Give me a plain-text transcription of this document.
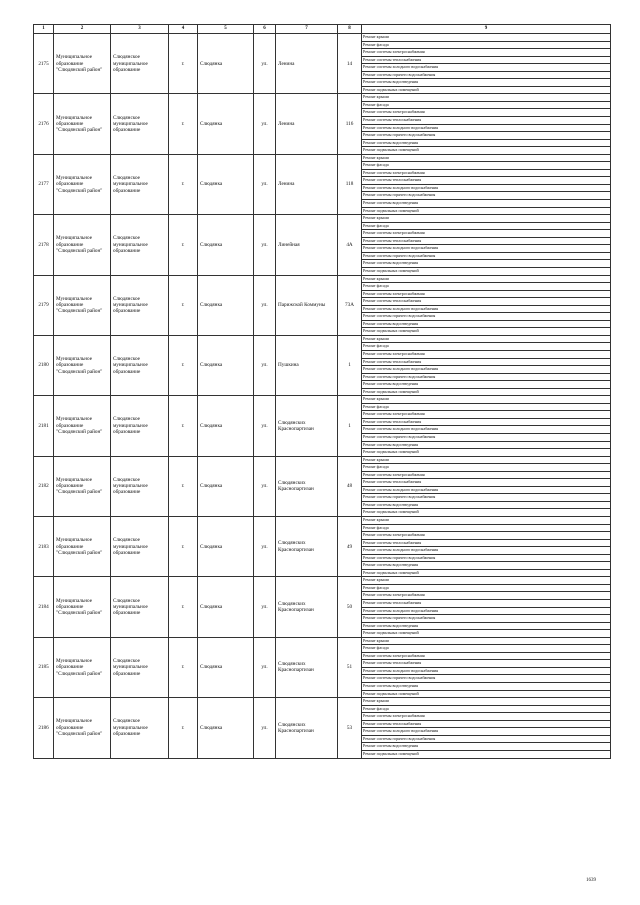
1	2	3	4	5	6	7	8	9
2175	Муниципальное образование "Слюдянский район"	Слюдянское муниципальное образование	г.	Слюдянка	ул.	Ленина	14	Ремонт крыши
								Ремонт фасада
								Ремонт системы электроснабжения
								Ремонт системы теплоснабжения
								Ремонт системы холодного водоснабжения
								Ремонт системы горячего водоснабжения
								Ремонт системы водоотведения
								Ремонт подвальных помещений
2176	Муниципальное образование "Слюдянский район"	Слюдянское муниципальное образование	г.	Слюдянка	ул.	Ленина	116	Ремонт крыши
								Ремонт фасада
								Ремонт системы электроснабжения
								Ремонт системы теплоснабжения
								Ремонт системы холодного водоснабжения
								Ремонт системы горячего водоснабжения
								Ремонт системы водоотведения
								Ремонт подвальных помещений
2177	Муниципальное образование "Слюдянский район"	Слюдянское муниципальное образование	г.	Слюдянка	ул.	Ленина	118	Ремонт крыши
								Ремонт фасада
								Ремонт системы электроснабжения
								Ремонт системы теплоснабжения
								Ремонт системы холодного водоснабжения
								Ремонт системы горячего водоснабжения
								Ремонт системы водоотведения
								Ремонт подвальных помещений
2178	Муниципальное образование "Слюдянский район"	Слюдянское муниципальное образование	г.	Слюдянка	ул.	Линейная	4А	Ремонт крыши
								Ремонт фасада
								Ремонт системы электроснабжения
								Ремонт системы теплоснабжения
								Ремонт системы холодного водоснабжения
								Ремонт системы горячего водоснабжения
								Ремонт системы водоотведения
								Ремонт подвальных помещений
2179	Муниципальное образование "Слюдянский район"	Слюдянское муниципальное образование	г.	Слюдянка	ул.	Парижской Коммуны	73А	Ремонт крыши
								Ремонт фасада
								Ремонт системы электроснабжения
								Ремонт системы теплоснабжения
								Ремонт системы холодного водоснабжения
								Ремонт системы горячего водоснабжения
								Ремонт системы водоотведения
								Ремонт подвальных помещений
2180	Муниципальное образование "Слюдянский район"	Слюдянское муниципальное образование	г.	Слюдянка	ул.	Пушкина	1	Ремонт крыши
								Ремонт фасада
								Ремонт системы электроснабжения
								Ремонт системы теплоснабжения
								Ремонт системы холодного водоснабжения
								Ремонт системы горячего водоснабжения
								Ремонт системы водоотведения
								Ремонт подвальных помещений
2181	Муниципальное образование "Слюдянский район"	Слюдянское муниципальное образование	г.	Слюдянка	ул.	Слюдянских Краснопартизан	1	Ремонт крыши
								Ремонт фасада
								Ремонт системы электроснабжения
								Ремонт системы теплоснабжения
								Ремонт системы холодного водоснабжения
								Ремонт системы горячего водоснабжения
								Ремонт системы водоотведения
								Ремонт подвальных помещений
2182	Муниципальное образование "Слюдянский район"	Слюдянское муниципальное образование	г.	Слюдянка	ул.	Слюдянских Краснопартизан	48	Ремонт крыши
								Ремонт фасада
								Ремонт системы электроснабжения
								Ремонт системы теплоснабжения
								Ремонт системы холодного водоснабжения
								Ремонт системы горячего водоснабжения
								Ремонт системы водоотведения
								Ремонт подвальных помещений
2183	Муниципальное образование "Слюдянский район"	Слюдянское муниципальное образование	г.	Слюдянка	ул.	Слюдянских Краснопартизан	49	Ремонт крыши
								Ремонт фасада
								Ремонт системы электроснабжения
								Ремонт системы теплоснабжения
								Ремонт системы холодного водоснабжения
								Ремонт системы горячего водоснабжения
								Ремонт системы водоотведения
								Ремонт подвальных помещений
2184	Муниципальное образование "Слюдянский район"	Слюдянское муниципальное образование	г.	Слюдянка	ул.	Слюдянских Краснопартизан	50	Ремонт крыши
								Ремонт фасада
								Ремонт системы электроснабжения
								Ремонт системы теплоснабжения
								Ремонт системы холодного водоснабжения
								Ремонт системы горячего водоснабжения
								Ремонт системы водоотведения
								Ремонт подвальных помещений
2185	Муниципальное образование "Слюдянский район"	Слюдянское муниципальное образование	г.	Слюдянка	ул.	Слюдянских Краснопартизан	51	Ремонт крыши
								Ремонт фасада
								Ремонт системы электроснабжения
								Ремонт системы теплоснабжения
								Ремонт системы холодного водоснабжения
								Ремонт системы горячего водоснабжения
								Ремонт системы водоотведения
								Ремонт подвальных помещений
2186	Муниципальное образование "Слюдянский район"	Слюдянское муниципальное образование	г.	Слюдянка	ул.	Слюдянских Краснопартизан	53	Ремонт крыши
								Ремонт фасада
								Ремонт системы электроснабжения
								Ремонт системы теплоснабжения
								Ремонт системы холодного водоснабжения
								Ремонт системы горячего водоснабжения
								Ремонт системы водоотведения
								Ремонт подвальных помещений
1639
